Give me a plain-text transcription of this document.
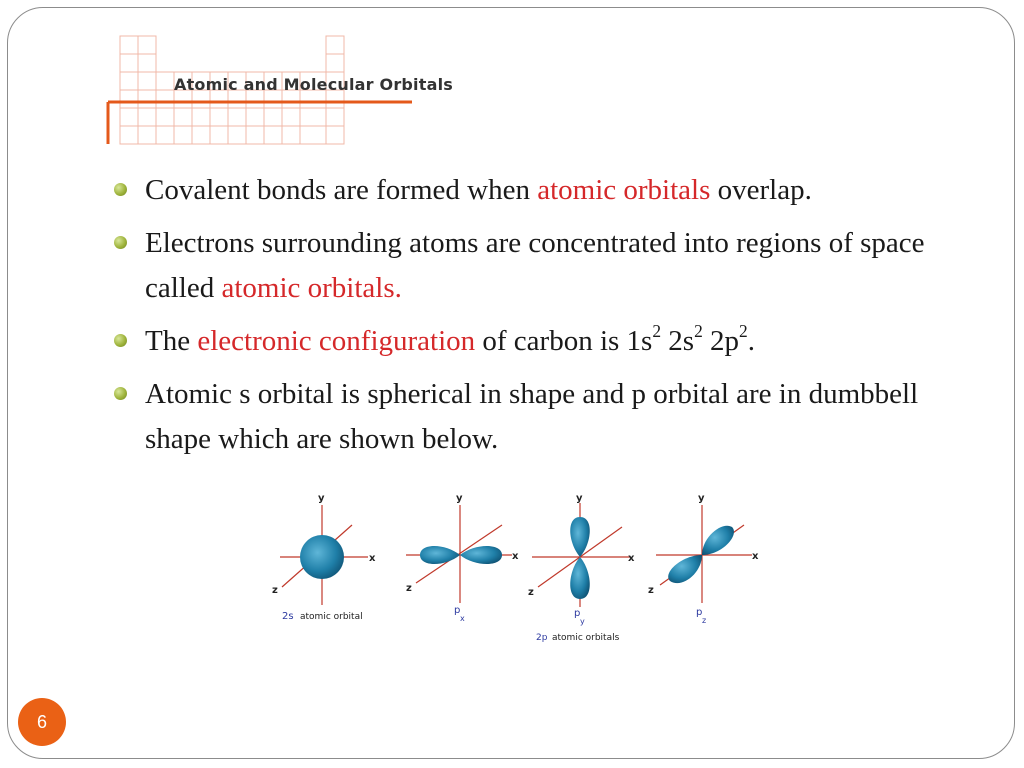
Atomic and Molecular Orbitals
Covalent bonds are formed when atomic orbitals overlap.
Electrons surrounding atoms are concentrated into regions of space called atomic orbitals.
The electronic configuration of carbon is $1s^2$ $2s^2$ $2p^2$.
Atomic s orbital is spherical in shape and p orbital are in dumbbell shape which are shown below.
y
x
z
2s atomic orbital
y
x
z
p
x
y
x
z
p
y
2p atomic orbitals
y
x
z
p
z
6
